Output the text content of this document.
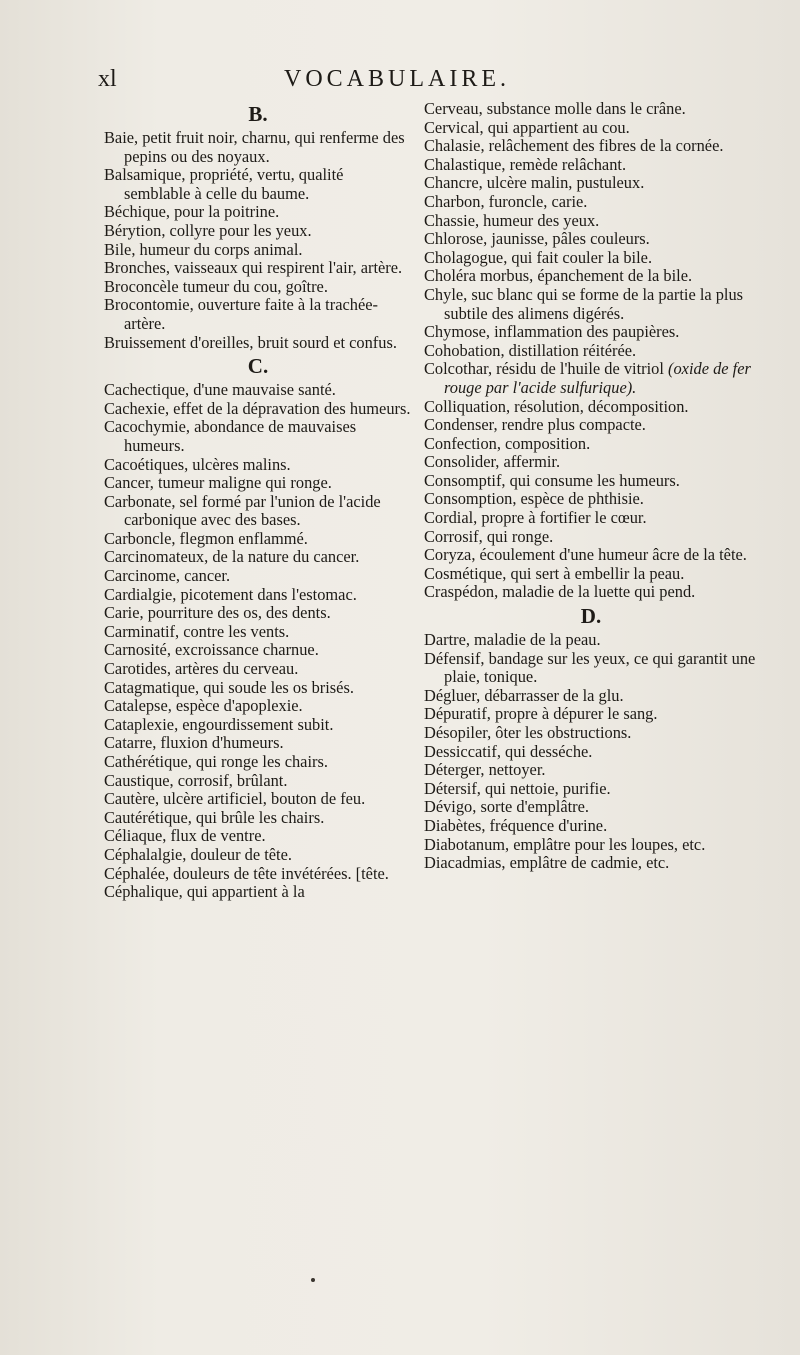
xl	VOCABULAIRE.
B.

Baie, petit fruit noir, charnu, qui renferme des pepins ou des noyaux.

Balsamique, propriété, vertu, qualité semblable à celle du baume.

Béchique, pour la poitrine.

Bérytion, collyre pour les yeux.

Bile, humeur du corps animal.

Bronches, vaisseaux qui respirent l'air, artère.

Broconcèle tumeur du cou, goître.

Brocontomie, ouverture faite à la trachée-artère.

Bruissement d'oreilles, bruit sourd et confus.

C.

Cachectique, d'une mauvaise santé.

Cachexie, effet de la dépravation des humeurs.

Cacochymie, abondance de mauvaises humeurs.

Cacoétiques, ulcères malins.

Cancer, tumeur maligne qui ronge.

Carbonate, sel formé par l'union de l'acide carbonique avec des bases.

Carboncle, flegmon enflammé.

Carcinomateux, de la nature du cancer.

Carcinome, cancer.

Cardialgie, picotement dans l'estomac.

Carie, pourriture des os, des dents.

Carminatif, contre les vents.

Carnosité, excroissance charnue.

Carotides, artères du cerveau.

Catagmatique, qui soude les os brisés.

Catalepse, espèce d'apoplexie.

Cataplexie, engourdissement subit.

Catarre, fluxion d'humeurs.

Cathérétique, qui ronge les chairs.

Caustique, corrosif, brûlant.

Cautère, ulcère artificiel, bouton de feu.

Cautérétique, qui brûle les chairs.

Céliaque, flux de ventre.

Céphalalgie, douleur de tête.

Céphalée, douleurs de tête invétérées. [tête.

Céphalique, qui appartient à la

Cerveau, substance molle dans le crâne.

Cervical, qui appartient au cou.

Chalasie, relâchement des fibres de la cornée.

Chalastique, remède relâchant.

Chancre, ulcère malin, pustuleux.

Charbon, furoncle, carie.

Chassie, humeur des yeux.

Chlorose, jaunisse, pâles couleurs.

Cholagogue, qui fait couler la bile.

Choléra morbus, épanchement de la bile.

Chyle, suc blanc qui se forme de la partie la plus subtile des alimens digérés.

Chymose, inflammation des paupières.

Cohobation, distillation réitérée.

Colcothar, résidu de l'huile de vitriol (oxide de fer rouge par l'acide sulfurique).

Colliquation, résolution, décomposition.

Condenser, rendre plus compacte.

Confection, composition.

Consolider, affermir.

Consomptif, qui consume les humeurs.

Consomption, espèce de phthisie.

Cordial, propre à fortifier le cœur.

Corrosif, qui ronge.

Coryza, écoulement d'une humeur âcre de la tête.

Cosmétique, qui sert à embellir la peau.

Craspédon, maladie de la luette qui pend.

D.

Dartre, maladie de la peau.

Défensif, bandage sur les yeux, ce qui garantit une plaie, tonique.

Dégluer, débarrasser de la glu.

Dépuratif, propre à dépurer le sang.

Désopiler, ôter les obstructions.

Dessiccatif, qui desséche.

Déterger, nettoyer.

Détersif, qui nettoie, purifie.

Dévigo, sorte d'emplâtre.

Diabètes, fréquence d'urine.

Diabotanum, emplâtre pour les loupes, etc.

Diacadmias, emplâtre de cadmie, etc.
